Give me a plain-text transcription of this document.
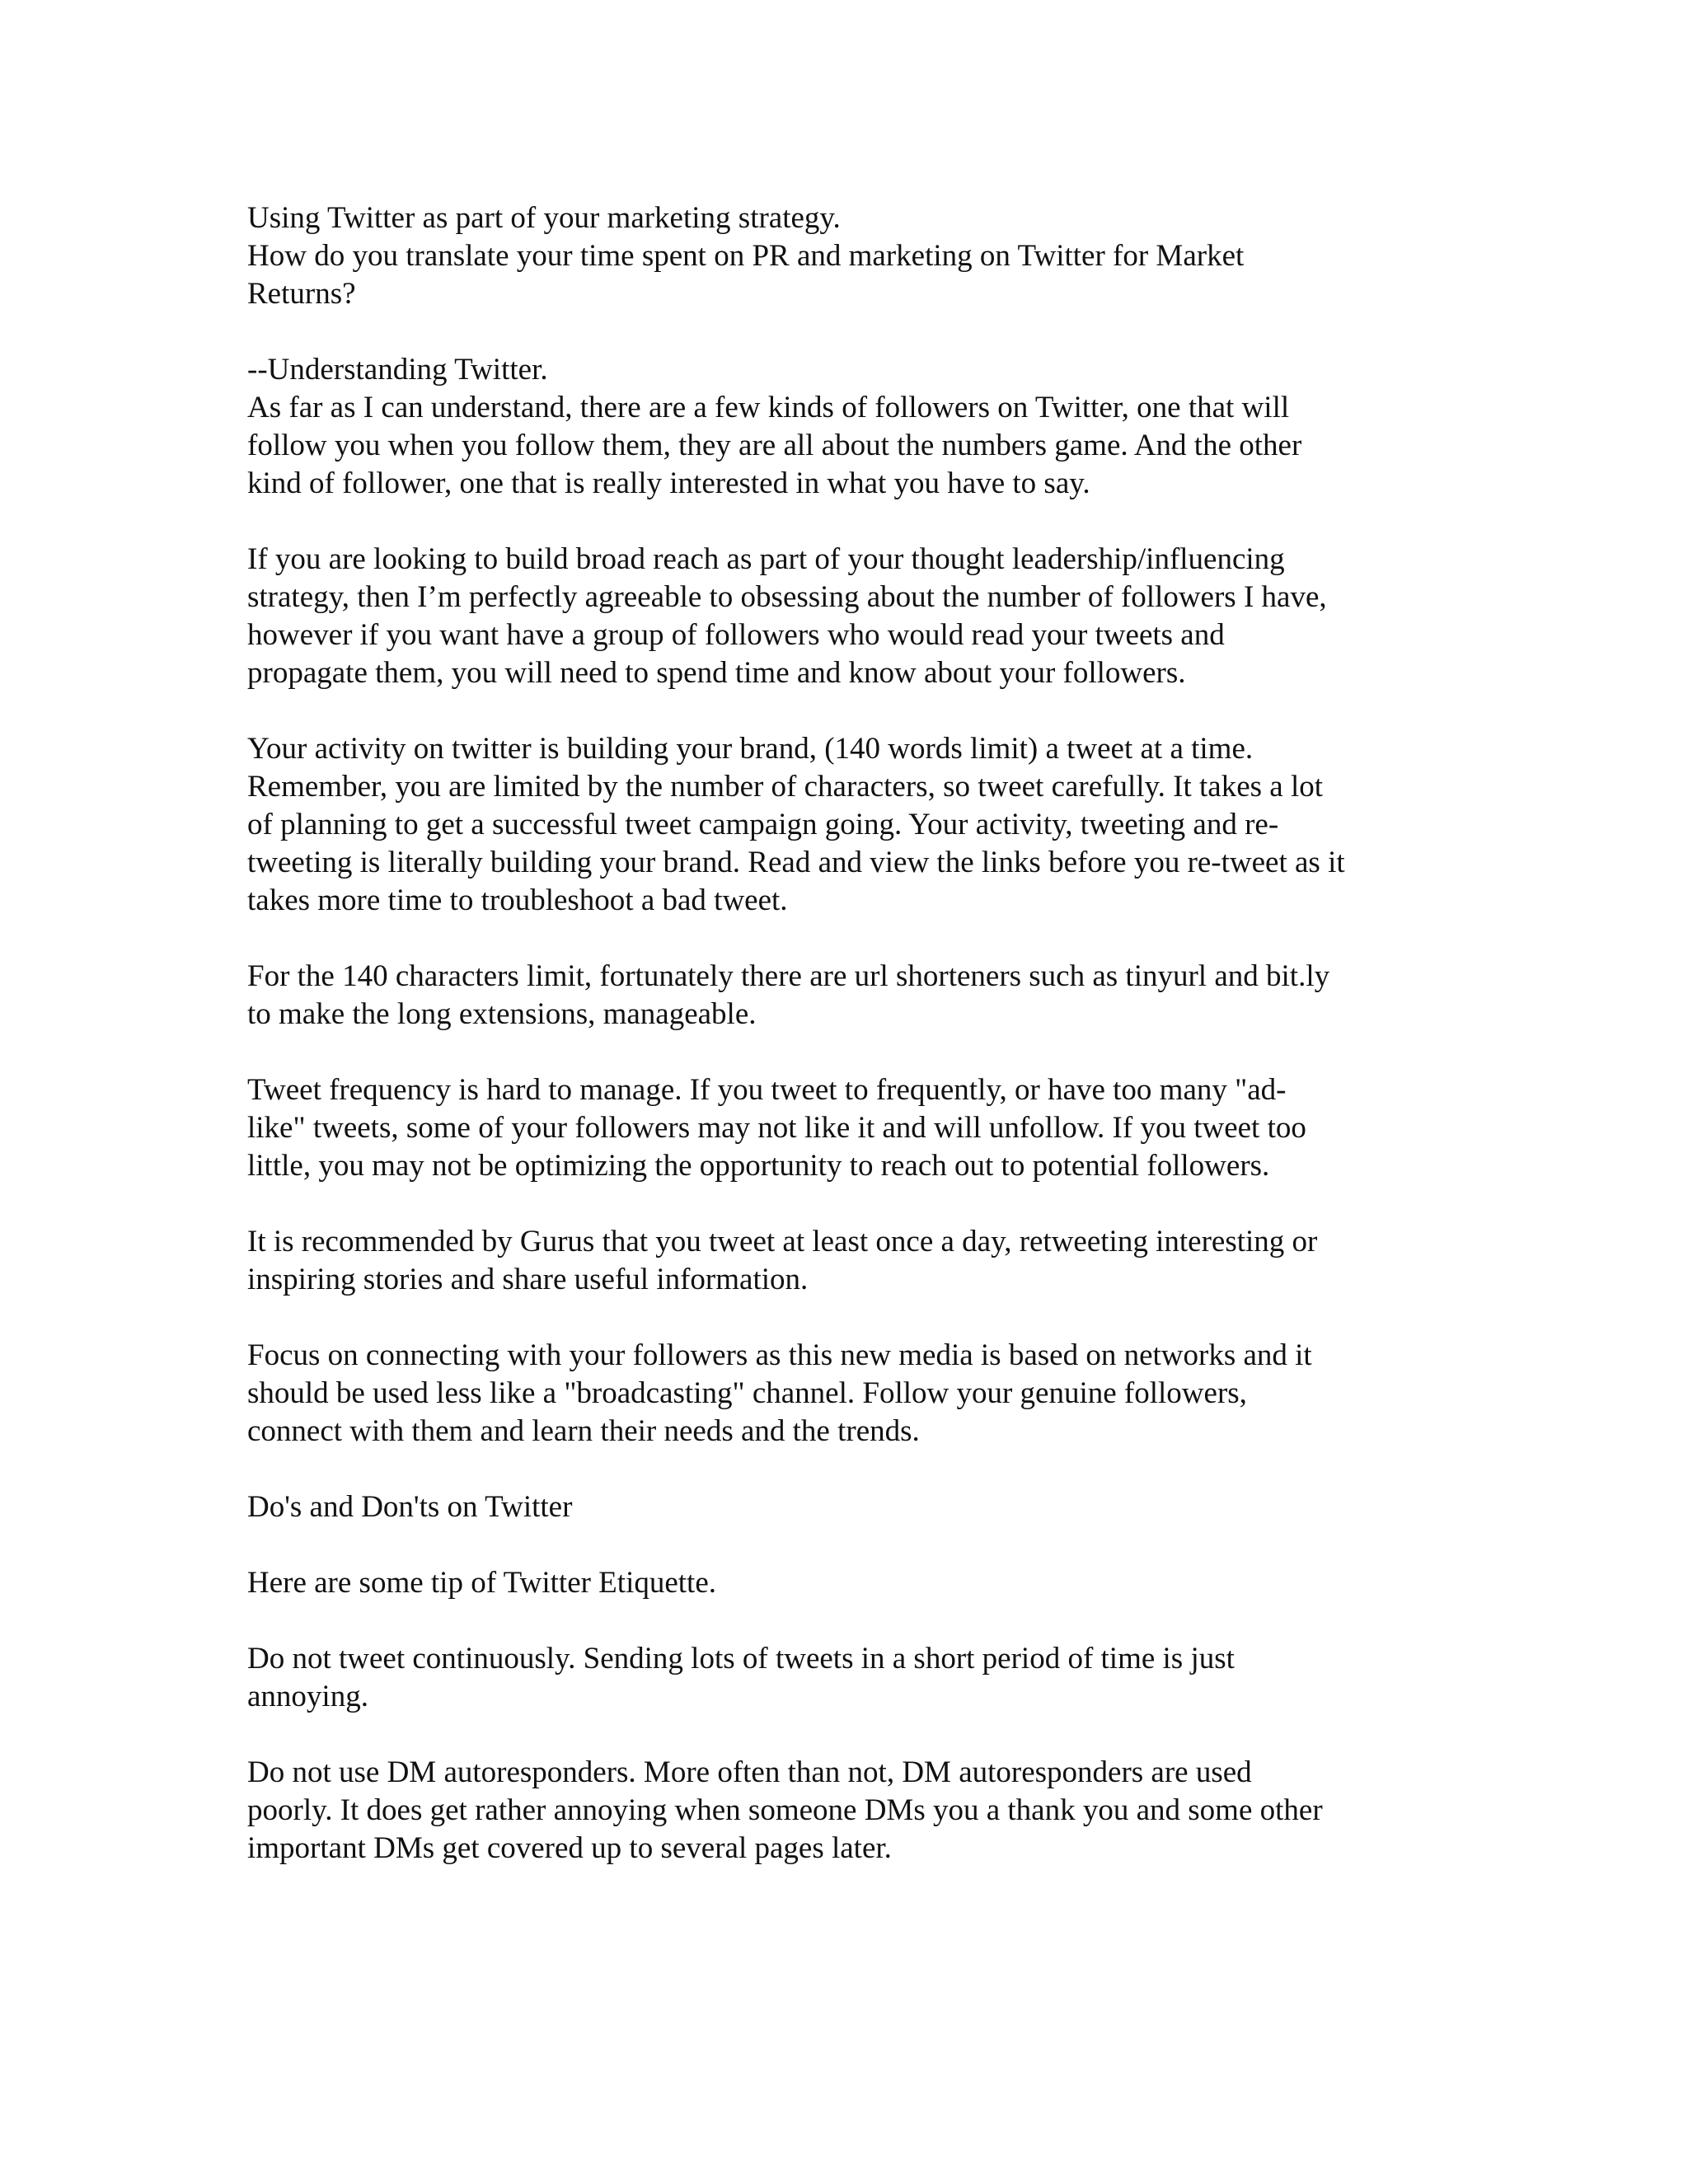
Using Twitter as part of your marketing strategy.
How do you translate your time spent on PR and marketing on Twitter for Market
Returns?
--Understanding Twitter.
As far as I can understand, there are a few kinds of followers on Twitter, one that will
follow you when you follow them, they are all about the numbers game. And the other
kind of follower, one that is really interested in what you have to say.
If you are looking to build broad reach as part of your thought leadership/influencing
strategy, then I’m perfectly agreeable to obsessing about the number of followers I have,
however if you want have a group of followers who would read your tweets and
propagate them, you will need to spend time and know about your followers.
Your activity on twitter is building your brand, (140 words limit) a tweet at a time.
Remember, you are limited by the number of characters, so tweet carefully. It takes a lot
of planning to get a successful tweet campaign going. Your activity, tweeting and re-
tweeting is literally building your brand. Read and view the links before you re-tweet as it
takes more time to troubleshoot a bad tweet.
For the 140 characters limit, fortunately there are url shorteners such as tinyurl and bit.ly
to make the long extensions, manageable.
Tweet frequency is hard to manage. If you tweet to frequently, or have too many "ad-
like" tweets, some of your followers may not like it and will unfollow. If you tweet too
little, you may not be optimizing the opportunity to reach out to potential followers.
It is recommended by Gurus that you tweet at least once a day, retweeting interesting or
inspiring stories and share useful information.
Focus on connecting with your followers as this new media is based on networks and it
should be used less like a "broadcasting" channel. Follow your genuine followers,
connect with them and learn their needs and the trends.
Do's and Don'ts on Twitter
Here are some tip of Twitter Etiquette.
Do not tweet continuously. Sending lots of tweets in a short period of time is just
annoying.
Do not use DM autoresponders. More often than not, DM autoresponders are used
poorly. It does get rather annoying when someone DMs you a thank you and some other
important DMs get covered up to several pages later.
